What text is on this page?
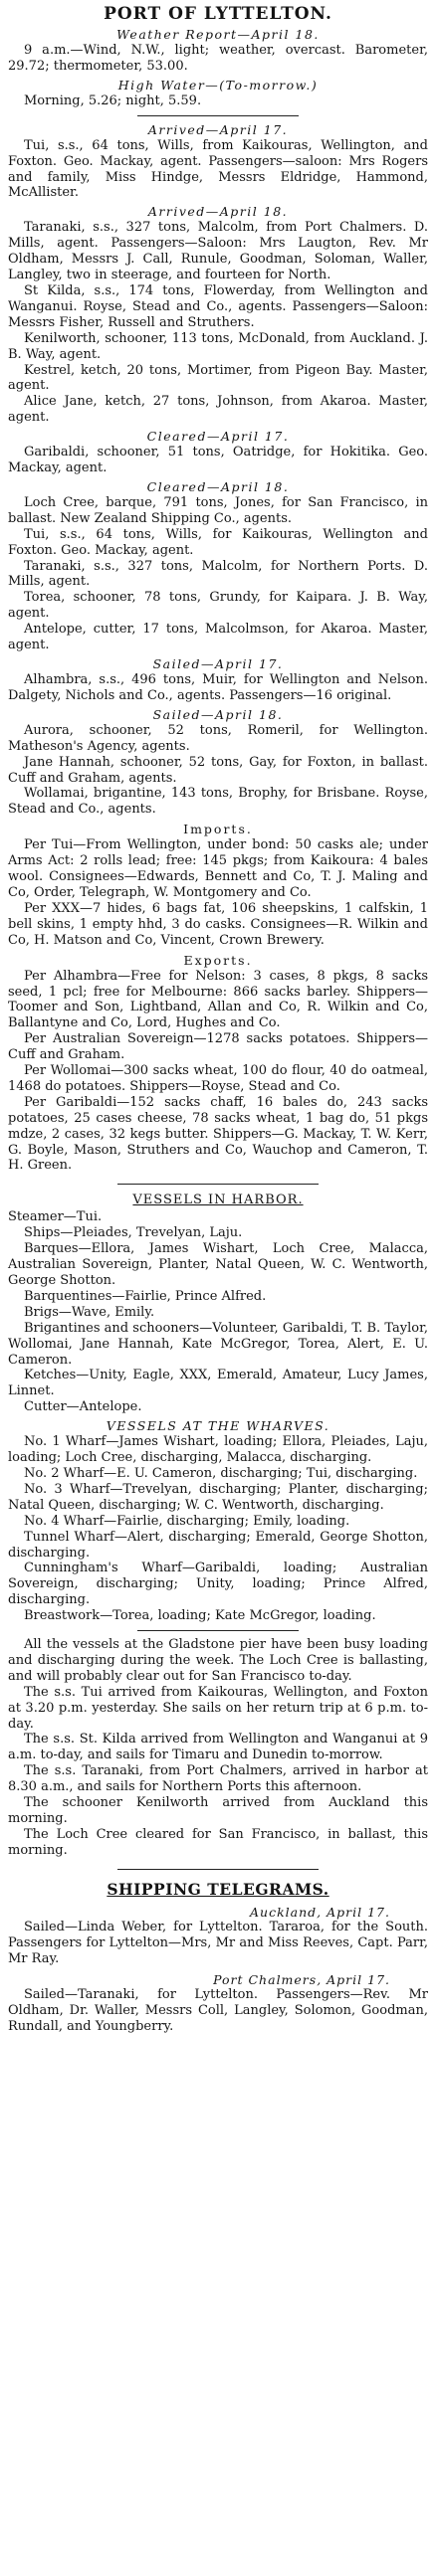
PORT OF LYTTELTON.
Weather Report—April 18.

9 a.m.—Wind, N.W., light; weather, overcast. Barometer, 29.72; thermometer, 53.00.

High Water—(To-morrow.)

Morning, 5.26; night, 5.59.

Arrived—April 17.

Tui, s.s., 64 tons, Wills, from Kaikouras, Wellington, and Foxton. Geo. Mackay, agent. Passengers—saloon: Mrs Rogers and family, Miss Hindge, Messrs Eldridge, Hammond, McAllister.

Arrived—April 18.

Taranaki, s.s., 327 tons, Malcolm, from Port Chalmers. D. Mills, agent. Passengers—Saloon: Mrs Laugton, Rev. Mr Oldham, Messrs J. Call, Runule, Goodman, Soloman, Waller, Langley, two in steerage, and fourteen for North.

St Kilda, s.s., 174 tons, Flowerday, from Wellington and Wanganui. Royse, Stead and Co., agents. Passengers—Saloon: Messrs Fisher, Russell and Struthers.

Kenilworth, schooner, 113 tons, McDonald, from Auckland. J. B. Way, agent.

Kestrel, ketch, 20 tons, Mortimer, from Pigeon Bay. Master, agent.

Alice Jane, ketch, 27 tons, Johnson, from Akaroa. Master, agent.

Cleared—April 17.

Garibaldi, schooner, 51 tons, Oatridge, for Hokitika. Geo. Mackay, agent.

Cleared—April 18.

Loch Cree, barque, 791 tons, Jones, for San Francisco, in ballast. New Zealand Shipping Co., agents.

Tui, s.s., 64 tons, Wills, for Kaikouras, Wellington and Foxton. Geo. Mackay, agent.

Taranaki, s.s., 327 tons, Malcolm, for Northern Ports. D. Mills, agent.

Torea, schooner, 78 tons, Grundy, for Kaipara. J. B. Way, agent.

Antelope, cutter, 17 tons, Malcolmson, for Akaroa. Master, agent.

Sailed—April 17.

Alhambra, s.s., 496 tons, Muir, for Wellington and Nelson. Dalgety, Nichols and Co., agents. Passengers—16 original.

Sailed—April 18.

Aurora, schooner, 52 tons, Romeril, for Wellington. Matheson's Agency, agents.

Jane Hannah, schooner, 52 tons, Gay, for Foxton, in ballast. Cuff and Graham, agents.

Wollamai, brigantine, 143 tons, Brophy, for Brisbane. Royse, Stead and Co., agents.

Imports.

Per Tui—From Wellington, under bond: 50 casks ale; under Arms Act: 2 rolls lead; free: 145 pkgs; from Kaikoura: 4 bales wool. Consignees—Edwards, Bennett and Co, T. J. Maling and Co, Order, Telegraph, W. Montgomery and Co.

Per XXX—7 hides, 6 bags fat, 106 sheepskins, 1 calfskin, 1 bell skins, 1 empty hhd, 3 do casks. Consignees—R. Wilkin and Co, H. Matson and Co, Vincent, Crown Brewery.

Exports.

Per Alhambra—Free for Nelson: 3 cases, 8 pkgs, 8 sacks seed, 1 pcl; free for Melbourne: 866 sacks barley. Shippers—Toomer and Son, Lightband, Allan and Co, R. Wilkin and Co, Ballantyne and Co, Lord, Hughes and Co.

Per Australian Sovereign—1278 sacks potatoes. Shippers—Cuff and Graham.

Per Wollomai—300 sacks wheat, 100 do flour, 40 do oatmeal, 1468 do potatoes. Shippers—Royse, Stead and Co.

Per Garibaldi—152 sacks chaff, 16 bales do, 243 sacks potatoes, 25 cases cheese, 78 sacks wheat, 1 bag do, 51 pkgs mdze, 2 cases, 32 kegs butter. Shippers—G. Mackay, T. W. Kerr, G. Boyle, Mason, Struthers and Co, Wauchop and Cameron, T. H. Green.

VESSELS IN HARBOR.

Steamer—Tui.

Ships—Pleiades, Trevelyan, Laju.

Barques—Ellora, James Wishart, Loch Cree, Malacca, Australian Sovereign, Planter, Natal Queen, W. C. Wentworth, George Shotton.

Barquentines—Fairlie, Prince Alfred.

Brigs—Wave, Emily.

Brigantines and schooners—Volunteer, Garibaldi, T. B. Taylor, Wollomai, Jane Hannah, Kate McGregor, Torea, Alert, E. U. Cameron.

Ketches—Unity, Eagle, XXX, Emerald, Amateur, Lucy James, Linnet.

Cutter—Antelope.

VESSELS AT THE WHARVES.

No. 1 Wharf—James Wishart, loading; Ellora, Pleiades, Laju, loading; Loch Cree, discharging, Malacca, discharging.

No. 2 Wharf—E. U. Cameron, discharging; Tui, discharging.

No. 3 Wharf—Trevelyan, discharging; Planter, discharging; Natal Queen, discharging; W. C. Wentworth, discharging.

No. 4 Wharf—Fairlie, discharging; Emily, loading.

Tunnel Wharf—Alert, discharging; Emerald, George Shotton, discharging.

Cunningham's Wharf—Garibaldi, loading; Australian Sovereign, discharging; Unity, loading; Prince Alfred, discharging.

Breastwork—Torea, loading; Kate McGregor, loading.

All the vessels at the Gladstone pier have been busy loading and discharging during the week. The Loch Cree is ballasting, and will probably clear out for San Francisco to-day.

The s.s. Tui arrived from Kaikouras, Wellington, and Foxton at 3.20 p.m. yesterday. She sails on her return trip at 6 p.m. to-day.

The s.s. St. Kilda arrived from Wellington and Wanganui at 9 a.m. to-day, and sails for Timaru and Dunedin to-morrow.

The s.s. Taranaki, from Port Chalmers, arrived in harbor at 8.30 a.m., and sails for Northern Ports this afternoon.

The schooner Kenilworth arrived from Auckland this morning.

The Loch Cree cleared for San Francisco, in ballast, this morning.

SHIPPING TELEGRAMS.
Auckland, April 17.

Sailed—Linda Weber, for Lyttelton. Tararoa, for the South. Passengers for Lyttelton—Mrs, Mr and Miss Reeves, Capt. Parr, Mr Ray.

Port Chalmers, April 17.

Sailed—Taranaki, for Lyttelton. Passengers—Rev. Mr Oldham, Dr. Waller, Messrs Coll, Langley, Solomon, Goodman, Rundall, and Youngberry.
